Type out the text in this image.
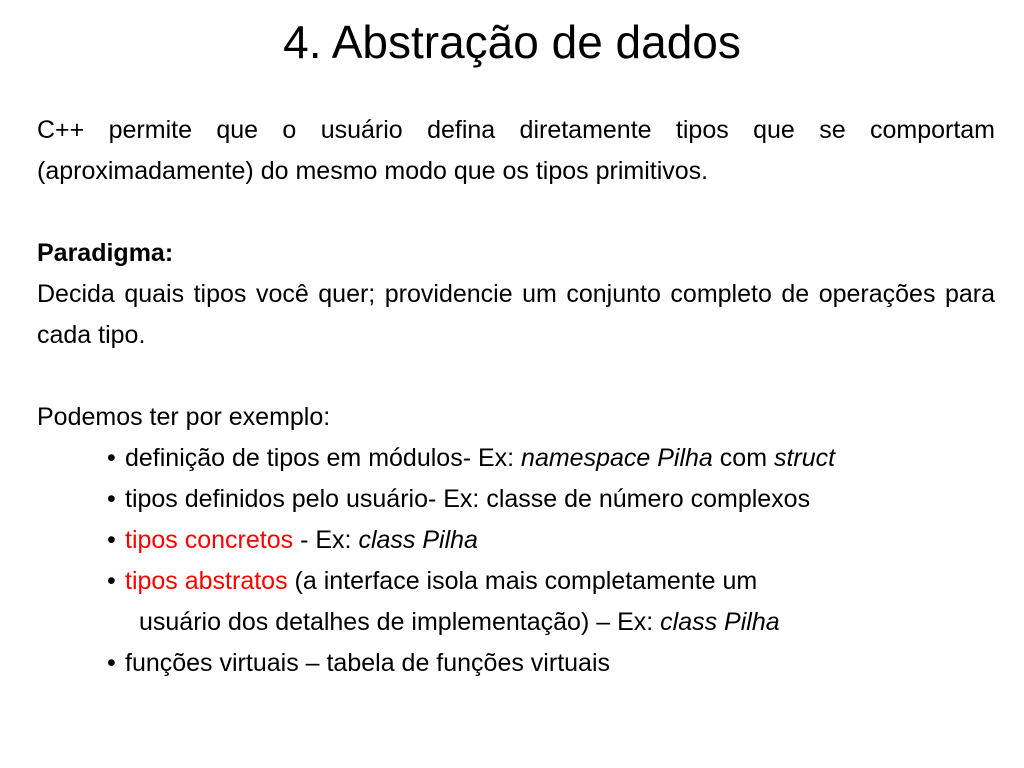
4. Abstração de dados

C++ permite que o usuário defina diretamente tipos que se comportam (aproximadamente) do mesmo modo que os tipos primitivos.

Paradigma:

Decida quais tipos você quer; providencie um conjunto completo de operações para cada tipo.

Podemos ter por exemplo:

• definição de tipos em módulos- Ex: namespace Pilha com struct
• tipos definidos pelo usuário- Ex: classe de número complexos
• tipos concretos - Ex: class Pilha
• tipos abstratos (a interface isola mais completamente um
usuário dos detalhes de implementação) – Ex: class Pilha
• funções virtuais – tabela de funções virtuais
